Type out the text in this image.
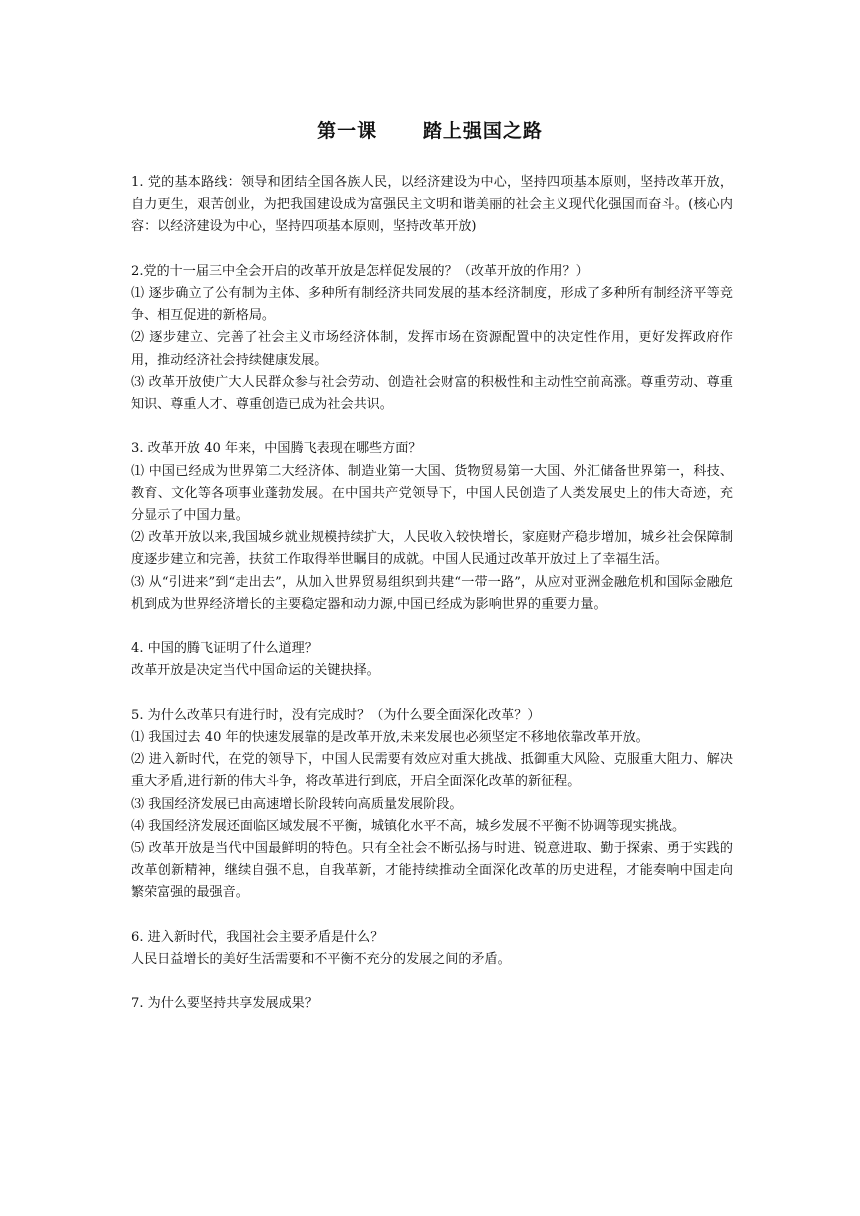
第一课      踏上强国之路

1. 党的基本路线：领导和团结全国各族人民，以经济建设为中心，坚持四项基本原则，坚持改革开放，自力更生，艰苦创业，为把我国建设成为富强民主文明和谐美丽的社会主义现代化强国而奋斗。(核心内容：以经济建设为中心，坚持四项基本原则，坚持改革开放)

2.党的十一届三中全会开启的改革开放是怎样促发展的？（改革开放的作用？）

⑴ 逐步确立了公有制为主体、多种所有制经济共同发展的基本经济制度，形成了多种所有制经济平等竞争、相互促进的新格局。

⑵ 逐步建立、完善了社会主义市场经济体制，发挥市场在资源配置中的决定性作用，更好发挥政府作用，推动经济社会持续健康发展。

⑶ 改革开放使广大人民群众参与社会劳动、创造社会财富的积极性和主动性空前高涨。尊重劳动、尊重知识、尊重人才、尊重创造已成为社会共识。

3. 改革开放 40 年来，中国腾飞表现在哪些方面？

⑴ 中国已经成为世界第二大经济体、制造业第一大国、货物贸易第一大国、外汇储备世界第一，科技、教育、文化等各项事业蓬勃发展。在中国共产党领导下，中国人民创造了人类发展史上的伟大奇迹，充分显示了中国力量。

⑵ 改革开放以来,我国城乡就业规模持续扩大，人民收入较快增长，家庭财产稳步增加，城乡社会保障制度逐步建立和完善，扶贫工作取得举世瞩目的成就。中国人民通过改革开放过上了幸福生活。

⑶ 从“引进来”到“走出去”，从加入世界贸易组织到共建“一带一路”，从应对亚洲金融危机和国际金融危机到成为世界经济增长的主要稳定器和动力源,中国已经成为影响世界的重要力量。

4. 中国的腾飞证明了什么道理？

改革开放是决定当代中国命运的关键抉择。

5. 为什么改革只有进行时，没有完成时？（为什么要全面深化改革？）

⑴ 我国过去 40 年的快速发展靠的是改革开放,未来发展也必须坚定不移地依靠改革开放。

⑵ 进入新时代，在党的领导下，中国人民需要有效应对重大挑战、抵御重大风险、克服重大阻力、解决重大矛盾,进行新的伟大斗争，将改革进行到底，开启全面深化改革的新征程。

⑶ 我国经济发展已由高速增长阶段转向高质量发展阶段。

⑷ 我国经济发展还面临区域发展不平衡，城镇化水平不高，城乡发展不平衡不协调等现实挑战。

⑸ 改革开放是当代中国最鲜明的特色。只有全社会不断弘扬与时进、锐意进取、勤于探索、勇于实践的改革创新精神，继续自强不息，自我革新，才能持续推动全面深化改革的历史进程，才能奏响中国走向繁荣富强的最强音。

6. 进入新时代，我国社会主要矛盾是什么？

人民日益增长的美好生活需要和不平衡不充分的发展之间的矛盾。

7. 为什么要坚持共享发展成果？
